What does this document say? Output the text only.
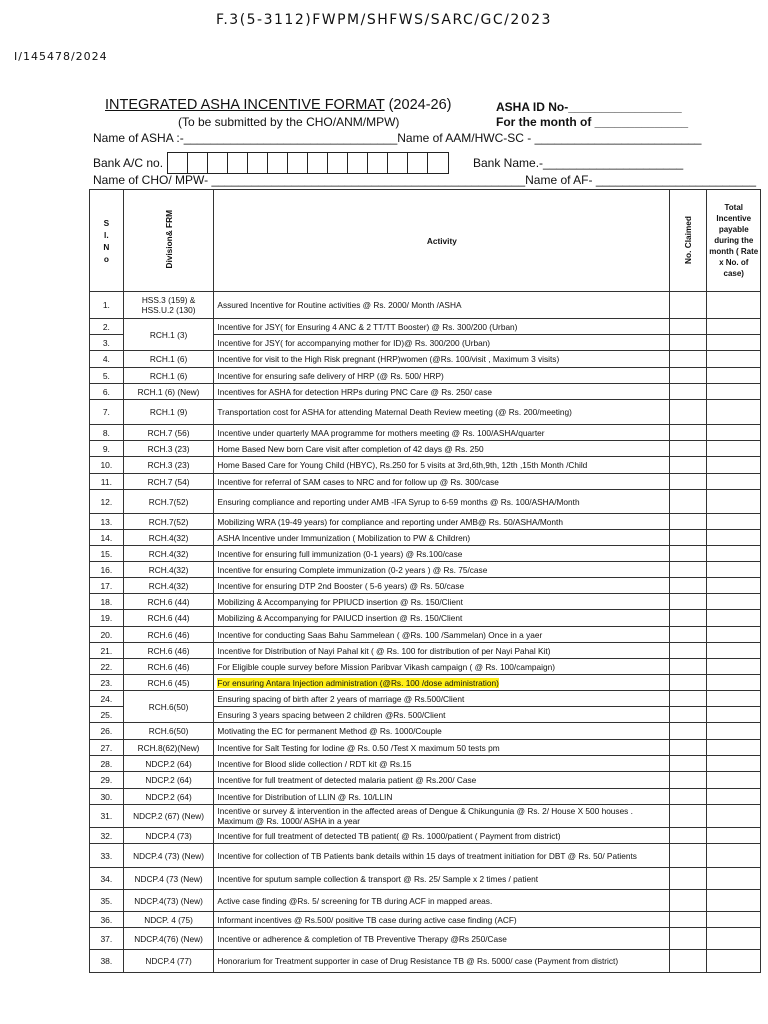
F.3(5-3112)FWPM/SHFWS/SARC/GC/2023
I/145478/2024
INTEGRATED ASHA INCENTIVE FORMAT (2024-26)	ASHA ID No-_________________
(To be submitted by the CHO/ANM/MPW)	For the month of ______________
Name of ASHA :-________________________________Name of AAM/HWC-SC - _________________________
Bank A/C no.	Bank Name.-_____________________
Name of CHO/ MPW- _______________________________________________Name of AF- ________________________
Sl.No	Division& FRM	Activity	No. Claimed	Total Incentive payable during the month ( Rate x No. of case)
1.	HSS.3 (159) & HSS.U.2 (130)	Assured Incentive for Routine activities @ Rs. 2000/ Month /ASHA		
2.	RCH.1 (3)	Incentive for JSY( for Ensuring 4 ANC & 2 TT/TT Booster) @ Rs. 300/200 (Urban)		
3.		Incentive for JSY( for accompanying mother for ID)@ Rs. 300/200 (Urban)		
4.	RCH.1 (6)	Incentive for visit to the High Risk pregnant (HRP)women (@Rs. 100/visit , Maximum 3 visits)		
5.	RCH.1 (6)	Incentive for ensuring safe delivery of HRP (@ Rs. 500/ HRP)		
6.	RCH.1 (6) (New)	Incentives for ASHA for detection HRPs during PNC Care @ Rs. 250/ case		
7.	RCH.1 (9)	Transportation cost for ASHA for attending Maternal Death Review meeting (@ Rs. 200/meeting)		
8.	RCH.7 (56)	Incentive under quarterly MAA programme for mothers meeting @ Rs. 100/ASHA/quarter		
9.	RCH.3 (23)	Home Based New born Care visit after completion of 42 days @ Rs. 250		
10.	RCH.3 (23)	Home Based Care for Young Child (HBYC), Rs.250 for 5 visits at 3rd,6th,9th, 12th ,15th Month /Child		
11.	RCH.7 (54)	Incentive for referral of SAM cases to NRC and for follow up @ Rs. 300/case		
12.	RCH.7(52)	Ensuring compliance and reporting under AMB -IFA Syrup to 6-59 months @ Rs. 100/ASHA/Month		
13.	RCH.7(52)	Mobilizing WRA (19-49 years) for compliance and reporting under AMB@ Rs. 50/ASHA/Month		
14.	RCH.4(32)	ASHA Incentive under Immunization ( Mobilization to PW & Children)		
15.	RCH.4(32)	Incentive for ensuring full immunization (0-1 years) @ Rs.100/case		
16.	RCH.4(32)	Incentive for ensuring Complete immunization (0-2 years ) @ Rs. 75/case		
17.	RCH.4(32)	Incentive for ensuring DTP 2nd Booster ( 5-6 years) @ Rs. 50/case		
18.	RCH.6 (44)	Mobilizing & Accompanying for PPIUCD insertion @ Rs. 150/Client		
19.	RCH.6 (44)	Mobilizing & Accompanying for PAIUCD insertion @ Rs. 150/Client		
20.	RCH.6 (46)	Incentive for conducting Saas Bahu Sammelean ( @Rs. 100 /Sammelan) Once in a yaer		
21.	RCH.6 (46)	Incentive for Distribution of Nayi Pahal kit ( @ Rs. 100 for distribution of per Nayi Pahal Kit)		
22.	RCH.6 (46)	For Eligible couple survey before Mission Paribvar Vikash campaign ( @ Rs. 100/campaign)		
23.	RCH.6 (45)	For ensuring Antara Injection administration (@Rs. 100 /dose administration)		
24.	RCH.6(50)	Ensuring spacing of birth after 2 years of marriage @ Rs.500/Client		
25.		Ensuring 3 years spacing between 2 children @Rs. 500/Client		
26.	RCH.6(50)	Motivating the EC for permanent Method @ Rs. 1000/Couple		
27.	RCH.8(62)(New)	Incentive for Salt Testing for Iodine @ Rs. 0.50 /Test X maximum 50 tests pm		
28.	NDCP.2 (64)	Incentive for Blood slide collection / RDT kit @ Rs.15		
29.	NDCP.2 (64)	Incentive for full treatment of detected malaria patient @ Rs.200/ Case		
30.	NDCP.2 (64)	Incentive for Distribution of LLIN @ Rs. 10/LLIN		
31.	NDCP.2 (67) (New)	Incentive or survey & intervention in the affected areas of Dengue & Chikungunia @ Rs. 2/ House X 500 houses . Maximum @ Rs. 1000/ ASHA in a year		
32.	NDCP.4 (73)	Incentive for full treatment of detected TB patient( @ Rs. 1000/patient ( Payment from district)		
33.	NDCP.4 (73) (New)	Incentive for collection of TB Patients bank details within 15 days of treatment initiation for DBT @ Rs. 50/ Patients		
34.	NDCP.4 (73 (New)	Incentive for sputum sample collection & transport @ Rs. 25/ Sample x 2 times / patient		
35.	NDCP.4(73) (New)	Active case finding @Rs. 5/ screening for TB during ACF in mapped areas.		
36.	NDCP. 4 (75)	Informant incentives @ Rs.500/ positive TB case during active case finding (ACF)		
37.	NDCP.4(76) (New)	Incentive or adherence & completion of TB Preventive Therapy @Rs 250/Case		
38.	NDCP.4 (77)	Honorarium for Treatment supporter in case of Drug Resistance TB @ Rs. 5000/ case (Payment from district)		
